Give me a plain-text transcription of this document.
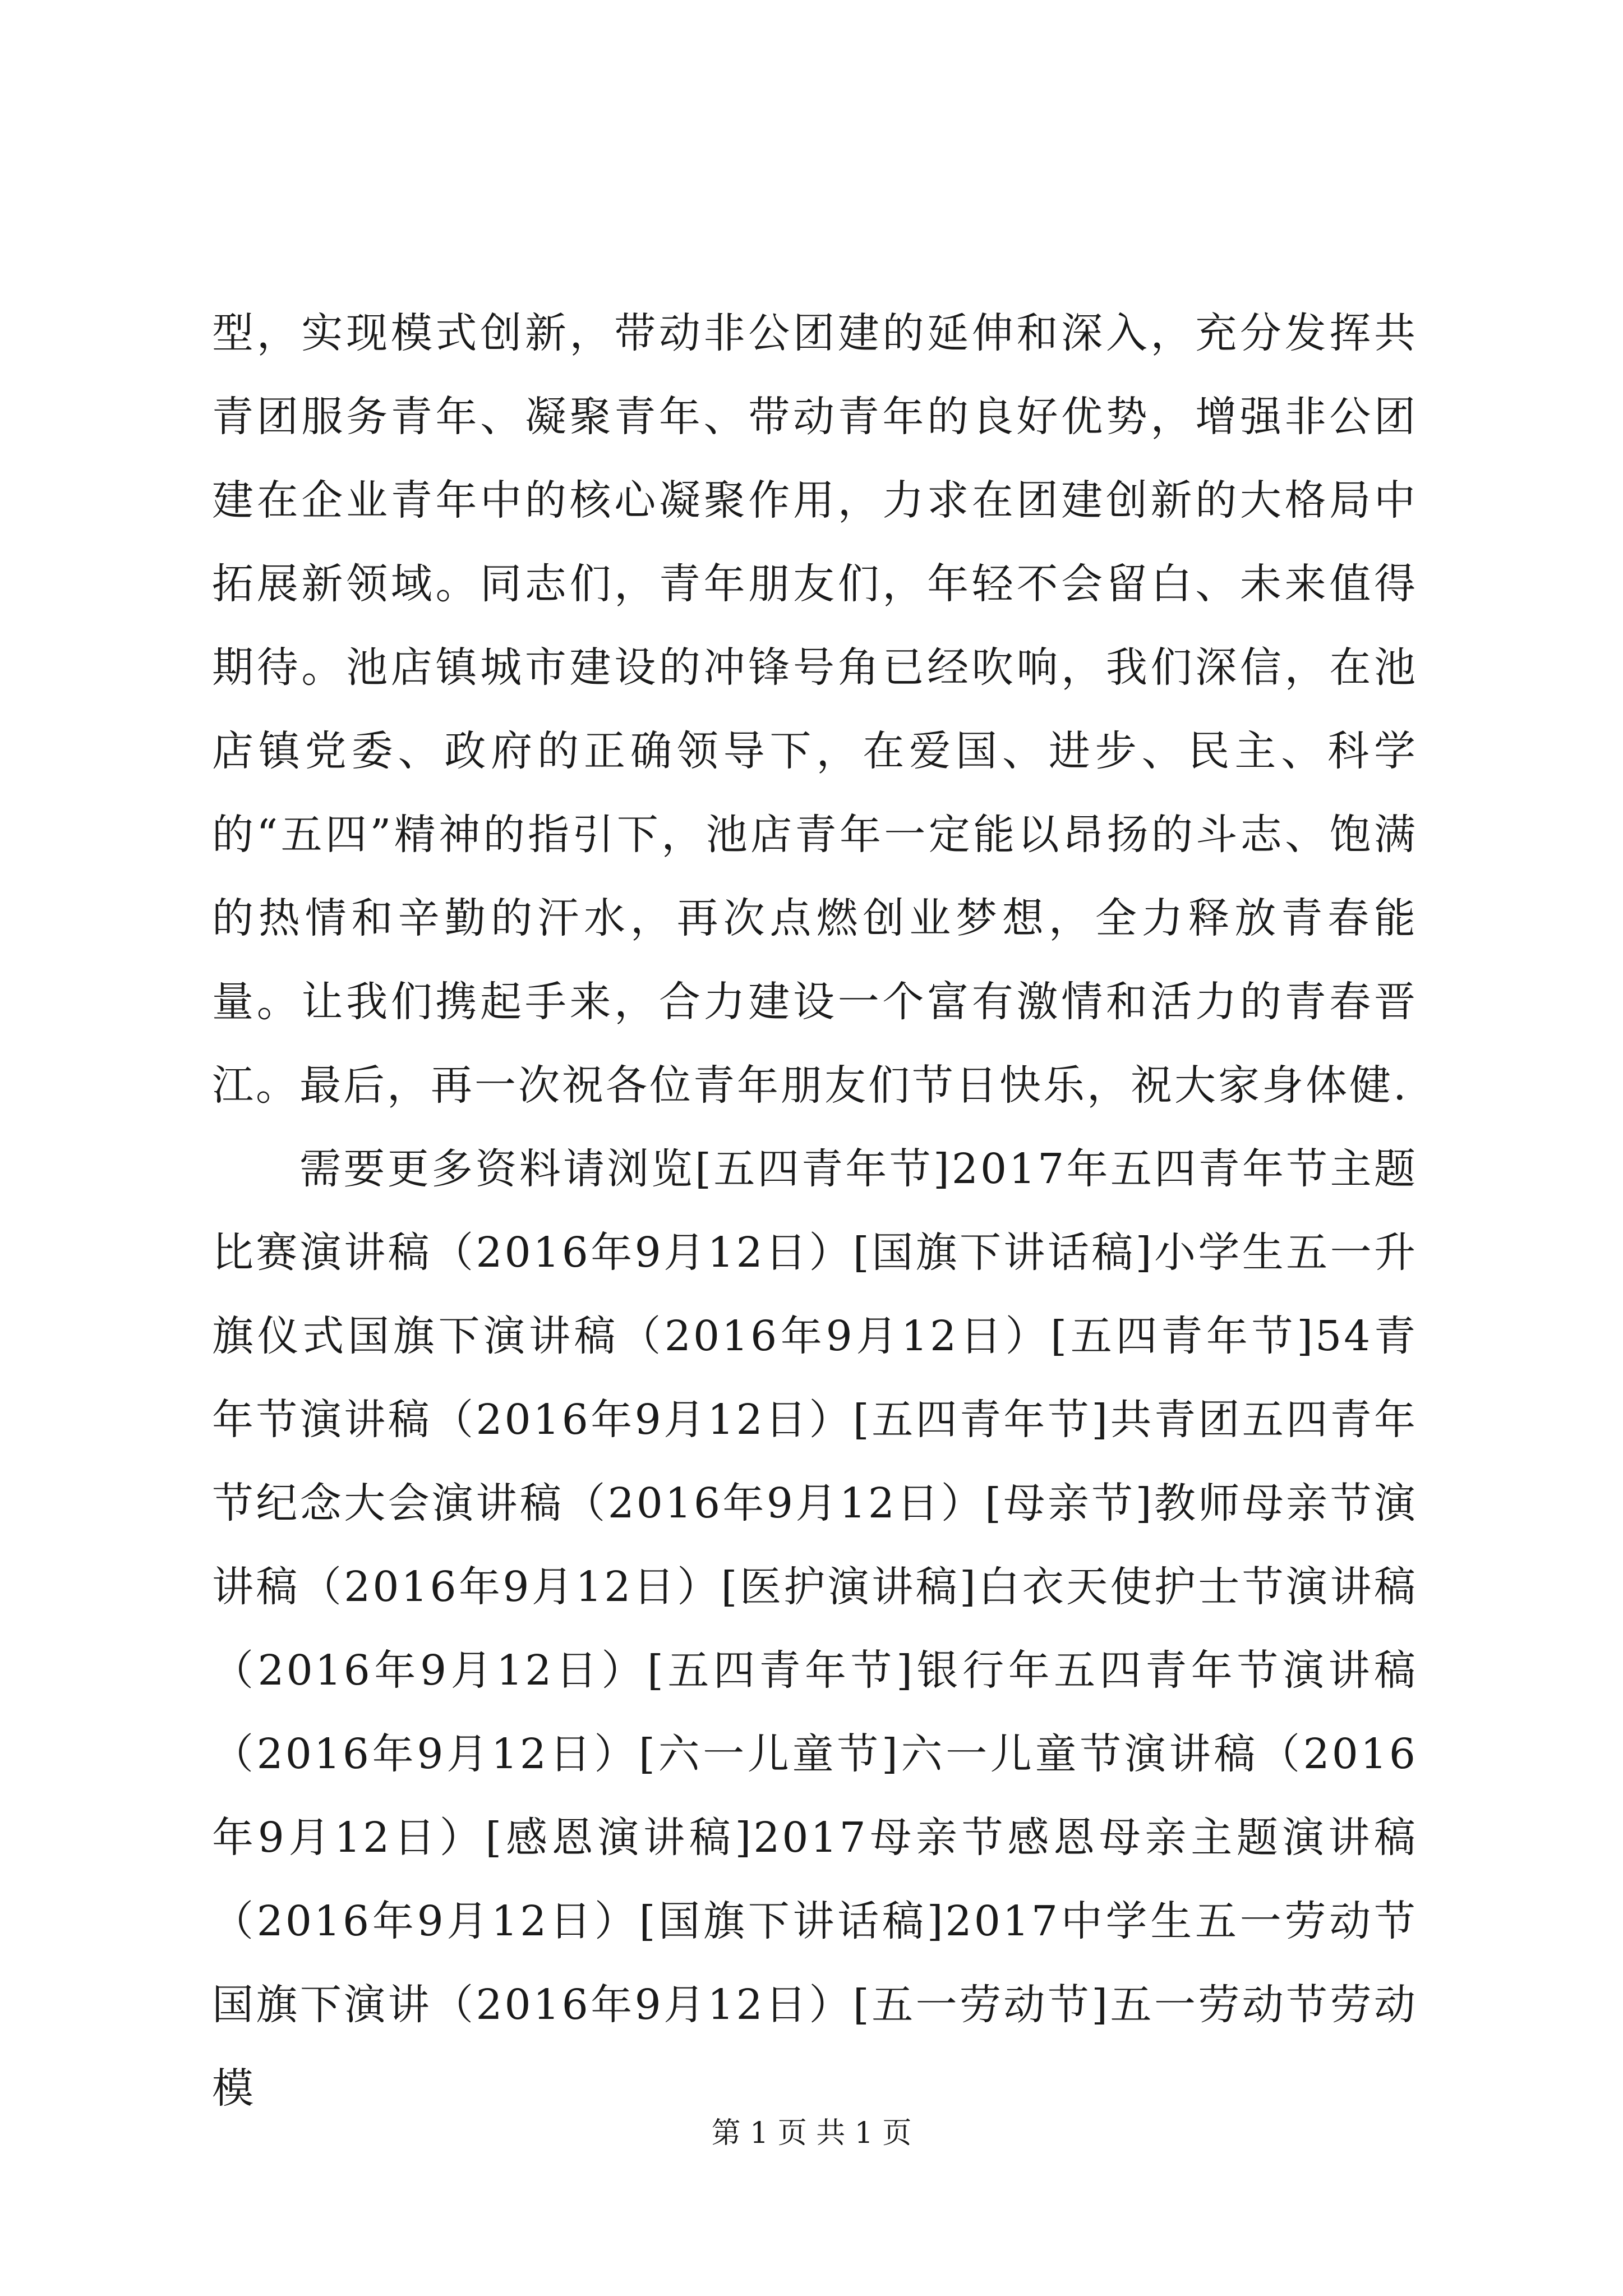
型，实现模式创新，带动非公团建的延伸和深入，充分发挥共青团服务青年、凝聚青年、带动青年的良好优势，增强非公团建在企业青年中的核心凝聚作用，力求在团建创新的大格局中拓展新领域。同志们，青年朋友们，年轻不会留白、未来值得期待。池店镇城市建设的冲锋号角已经吹响，我们深信，在池店镇党委、政府的正确领导下，在爱国、进步、民主、科学的“五四”精神的指引下，池店青年一定能以昂扬的斗志、饱满的热情和辛勤的汗水，再次点燃创业梦想，全力释放青春能量。让我们携起手来，合力建设一个富有激情和活力的青春晋江。最后，再一次祝各位青年朋友们节日快乐，祝大家身体健.

需要更多资料请浏览[五四青年节]2017年五四青年节主题比赛演讲稿（2016年9月12日）[国旗下讲话稿]小学生五一升旗仪式国旗下演讲稿（2016年9月12日）[五四青年节]54青年节演讲稿（2016年9月12日）[五四青年节]共青团五四青年节纪念大会演讲稿（2016年9月12日）[母亲节]教师母亲节演讲稿（2016年9月12日）[医护演讲稿]白衣天使护士节演讲稿（2016年9月12日）[五四青年节]银行年五四青年节演讲稿（2016年9月12日）[六一儿童节]六一儿童节演讲稿（2016年9月12日）[感恩演讲稿]2017母亲节感恩母亲主题演讲稿（2016年9月12日）[国旗下讲话稿]2017中学生五一劳动节国旗下演讲（2016年9月12日）[五一劳动节]五一劳动节劳动模

第 1 页 共 1 页
